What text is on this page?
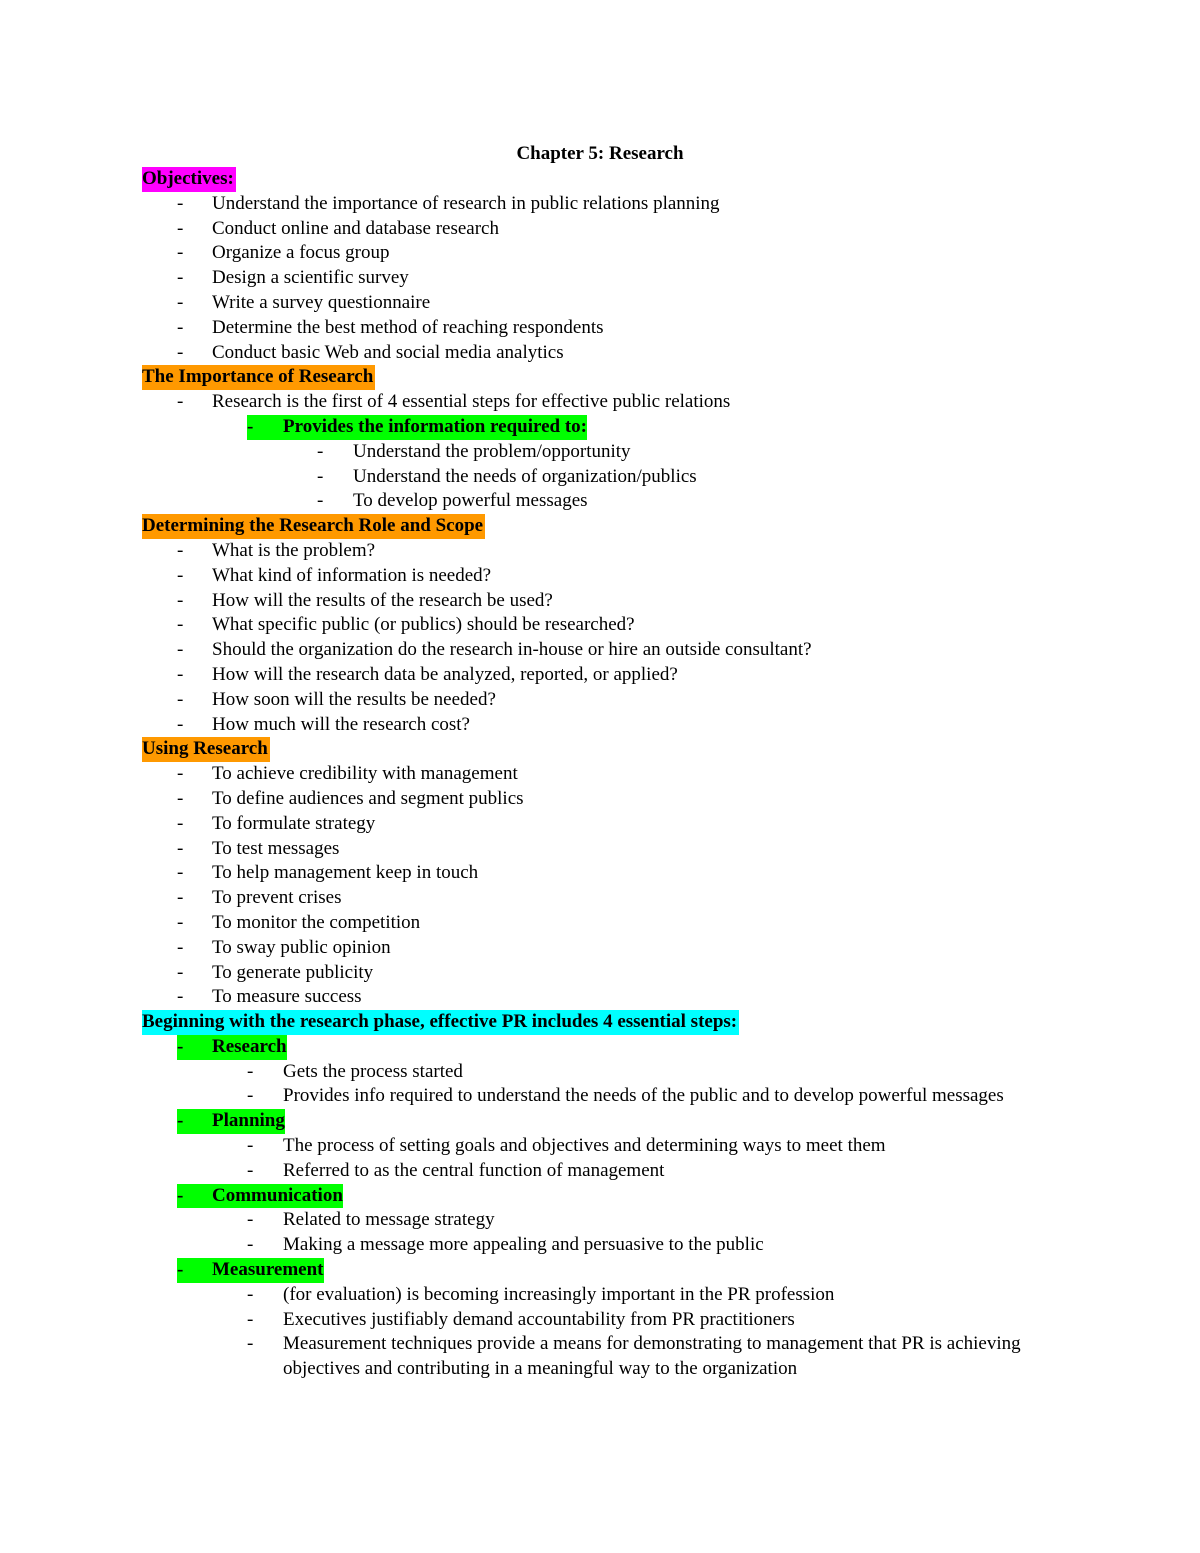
Chapter 5: Research
Objectives:
-	Understand the importance of research in public relations planning
-	Conduct online and database research
-	Organize a focus group
-	Design a scientific survey
-	Write a survey questionnaire
-	Determine the best method of reaching respondents
-	Conduct basic Web and social media analytics
The Importance of Research
-	Research is the first of 4 essential steps for effective public relations
-	Provides the information required to:
-	Understand the problem/opportunity
-	Understand the needs of organization/publics
-	To develop powerful messages
Determining the Research Role and Scope
-	What is the problem?
-	What kind of information is needed?
-	How will the results of the research be used?
-	What specific public (or publics) should be researched?
-	Should the organization do the research in-house or hire an outside consultant?
-	How will the research data be analyzed, reported, or applied?
-	How soon will the results be needed?
-	How much will the research cost?
Using Research
-	To achieve credibility with management
-	To define audiences and segment publics
-	To formulate strategy
-	To test messages
-	To help management keep in touch
-	To prevent crises
-	To monitor the competition
-	To sway public opinion
-	To generate publicity
-	To measure success
Beginning with the research phase, effective PR includes 4 essential steps:
-	Research
-	Gets the process started
-	Provides info required to understand the needs of the public and to develop powerful messages
-	Planning
-	The process of setting goals and objectives and determining ways to meet them
-	Referred to as the central function of management
-	Communication
-	Related to message strategy
-	Making a message more appealing and persuasive to the public
-	Measurement
-	(for evaluation) is becoming increasingly important in the PR profession
-	Executives justifiably demand accountability from PR practitioners
-	Measurement techniques provide a means for demonstrating to management that PR is achieving objectives and contributing in a meaningful way to the organization
